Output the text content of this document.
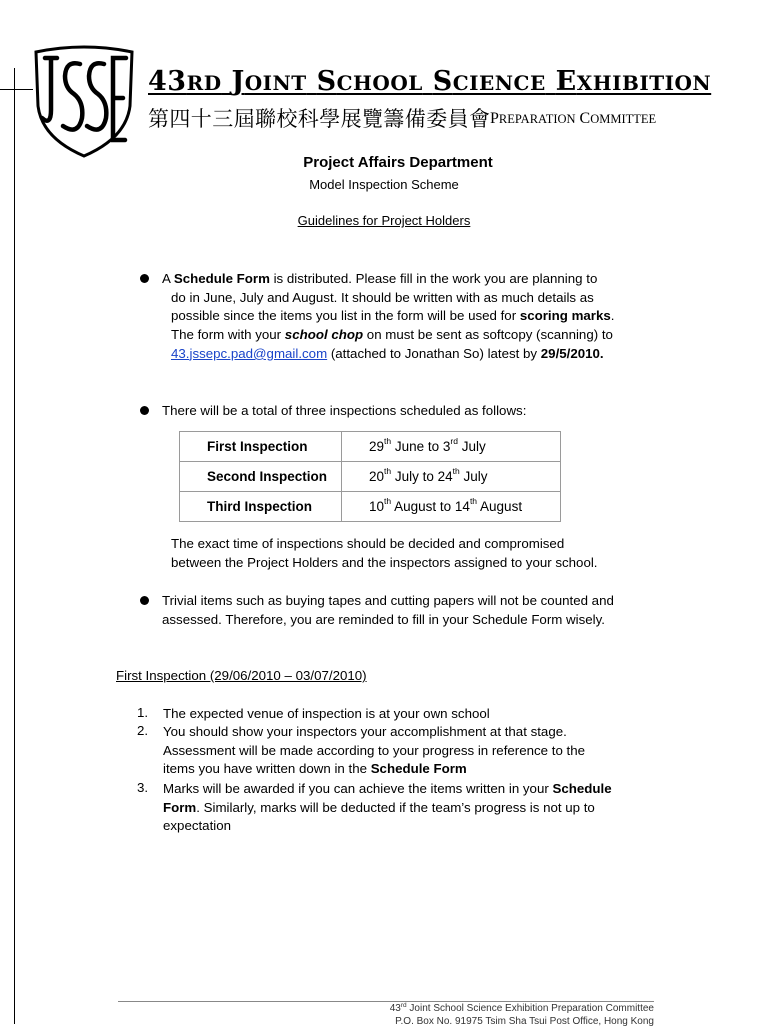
43RD JOINT SCHOOL SCIENCE EXHIBITION
第四十三屆聯校科學展覽籌備委員會 PREPARATION COMMITTEE
Project Affairs Department
Model Inspection Scheme
Guidelines for Project Holders
A Schedule Form is distributed. Please fill in the work you are planning to
do in June, July and August. It should be written with as much details as
possible since the items you list in the form will be used for scoring marks.
The form with your school chop on must be sent as softcopy (scanning) to
43.jssepc.pad@gmail.com (attached to Jonathan So) latest by 29/5/2010.
There will be a total of three inspections scheduled as follows:
First Inspection	29th June to 3rd July
Second Inspection	20th July to 24th July
Third Inspection	10th August to 14th August
The exact time of inspections should be decided and compromised
between the Project Holders and the inspectors assigned to your school.
Trivial items such as buying tapes and cutting papers will not be counted and
assessed. Therefore, you are reminded to fill in your Schedule Form wisely.
First Inspection (29/06/2010 – 03/07/2010)
1. The expected venue of inspection is at your own school
2. You should show your inspectors your accomplishment at that stage.
Assessment will be made according to your progress in reference to the
items you have written down in the Schedule Form
3. Marks will be awarded if you can achieve the items written in your Schedule
Form. Similarly, marks will be deducted if the team’s progress is not up to
expectation
43rd Joint School Science Exhibition Preparation Committee
P.O. Box No. 91975 Tsim Sha Tsui Post Office, Hong Kong
